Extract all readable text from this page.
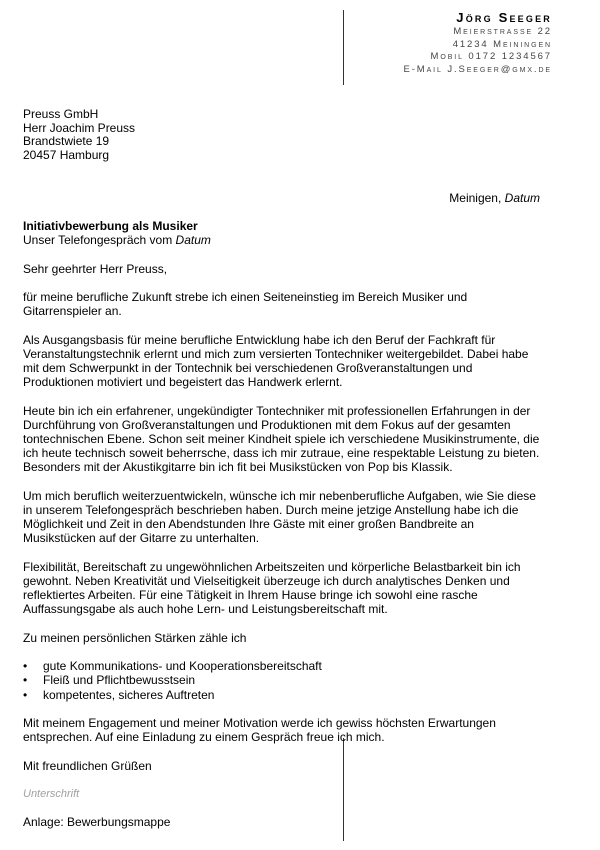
Jörg Seeger
Meierstrasse 22
41234 Meiningen
Mobil 0172 1234567
E-Mail J.Seeger@gmx.de
Preuss GmbH
Herr Joachim Preuss
Brandstwiete 19
20457 Hamburg
Meinigen, Datum

Initiativbewerbung als Musiker
Unser Telefongespräch vom Datum

Sehr geehrter Herr Preuss,

für meine berufliche Zukunft strebe ich einen Seiteneinstieg im Bereich Musiker und Gitarrenspieler an.

Als Ausgangsbasis für meine berufliche Entwicklung habe ich den Beruf der Fachkraft für Veranstaltungstechnik erlernt und mich zum versierten Tontechniker weitergebildet. Dabei habe mit dem Schwerpunkt in der Tontechnik bei verschiedenen Großveranstaltungen und Produktionen motiviert und begeistert das Handwerk erlernt.

Heute bin ich ein erfahrener, ungekündigter Tontechniker mit professionellen Erfahrungen in der Durchführung von Großveranstaltungen und Produktionen mit dem Fokus auf der gesamten tontechnischen Ebene. Schon seit meiner Kindheit spiele ich verschiedene Musikinstrumente, die ich heute technisch soweit beherrsche, dass ich mir zutraue, eine respektable Leistung zu bieten. Besonders mit der Akustikgitarre bin ich fit bei Musikstücken von Pop bis Klassik.

Um mich beruflich weiterzuentwickeln, wünsche ich mir nebenberufliche Aufgaben, wie Sie diese in unserem Telefongespräch beschrieben haben. Durch meine jetzige Anstellung habe ich die Möglichkeit und Zeit in den Abendstunden Ihre Gäste mit einer großen Bandbreite an Musikstücken auf der Gitarre zu unterhalten.

Flexibilität, Bereitschaft zu ungewöhnlichen Arbeitszeiten und körperliche Belastbarkeit bin ich gewohnt. Neben Kreativität und Vielseitigkeit überzeuge ich durch analytisches Denken und reflektiertes Arbeiten. Für eine Tätigkeit in Ihrem Hause bringe ich sowohl eine rasche Auffassungsgabe als auch hohe Lern- und Leistungsbereitschaft mit.

Zu meinen persönlichen Stärken zähle ich

• gute Kommunikations- und Kooperationsbereitschaft
• Fleiß und Pflichtbewusstsein
• kompetentes, sicheres Auftreten

Mit meinem Engagement und meiner Motivation werde ich gewiss höchsten Erwartungen entsprechen. Auf eine Einladung zu einem Gespräch freue ich mich.

Mit freundlichen Grüßen

Unterschrift

Anlage: Bewerbungsmappe
